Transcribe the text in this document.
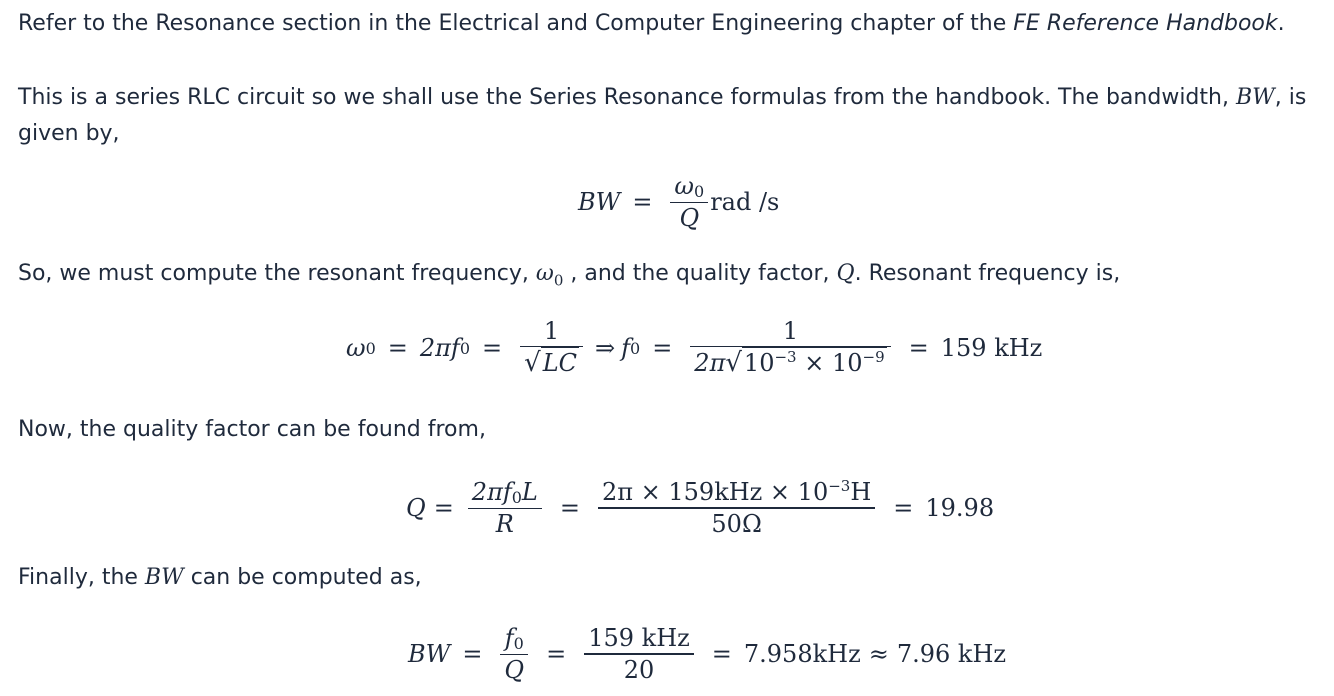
Refer to the Resonance section in the Electrical and Computer Engineering chapter of the FE Reference Handbook.
This is a series RLC circuit so we shall use the Series Resonance formulas from the handbook. The bandwidth, BW, is given by,
BW = $\frac{\omega_0}{Q}$ rad /s
So, we must compute the resonant frequency, $\omega_0$ , and the quality factor, Q. Resonant frequency is,
ω 0 = 2πf $0 = \frac{1}{√ LC}$ ⇒ f $0 = \frac{1}{2\pi √ 10^{-3} \times 10^{-9}} = 159$ kHz
Now, the quality factor can be found from,
$Q = \frac{2\pi f_0L}{R} = \frac{2\pi \times 159kHz \times 10^{-3}H}{50\Omega} = 19.98$
Finally, the BW can be computed as,
BW = $\frac{f_0}{Q} = \frac{\text{159 kHz}}{20} = 7.958kHz \approx 7.96$ kHz
